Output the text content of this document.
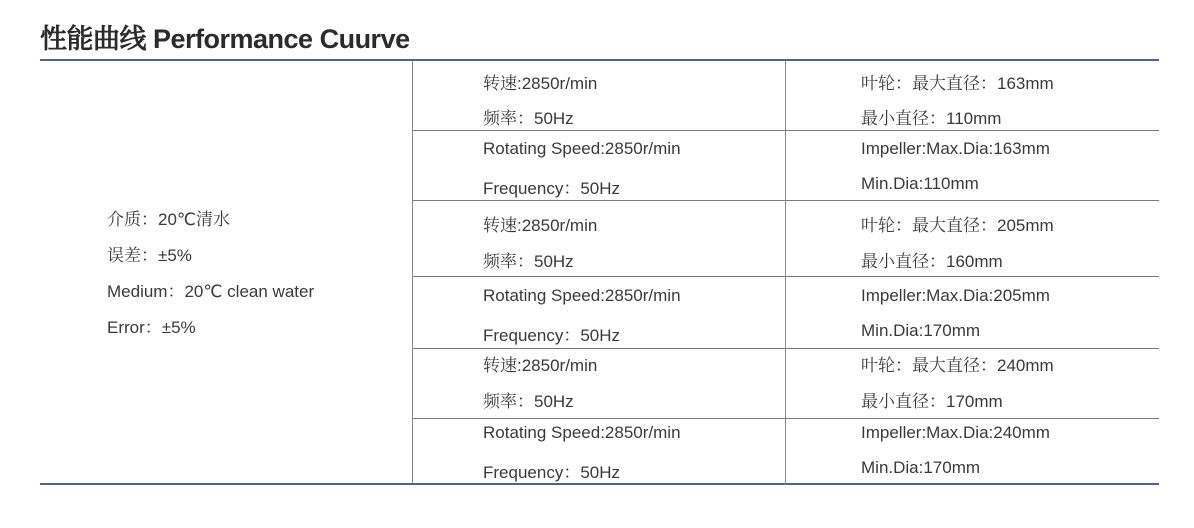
性能曲线 Performance Cuurve
介质：20℃清水
误差：±5%
Medium：20℃ clean water
Error：±5%
转速:2850r/min
频率：50Hz
叶轮：最大直径：163mm
最小直径：110mm
Rotating Speed:2850r/min
Frequency：50Hz
Impeller:Max.Dia:163mm
Min.Dia:110mm
转速:2850r/min
频率：50Hz
叶轮：最大直径：205mm
最小直径：160mm
Rotating Speed:2850r/min
Frequency：50Hz
Impeller:Max.Dia:205mm
Min.Dia:170mm
转速:2850r/min
频率：50Hz
叶轮：最大直径：240mm
最小直径：170mm
Rotating Speed:2850r/min
Frequency：50Hz
Impeller:Max.Dia:240mm
Min.Dia:170mm
